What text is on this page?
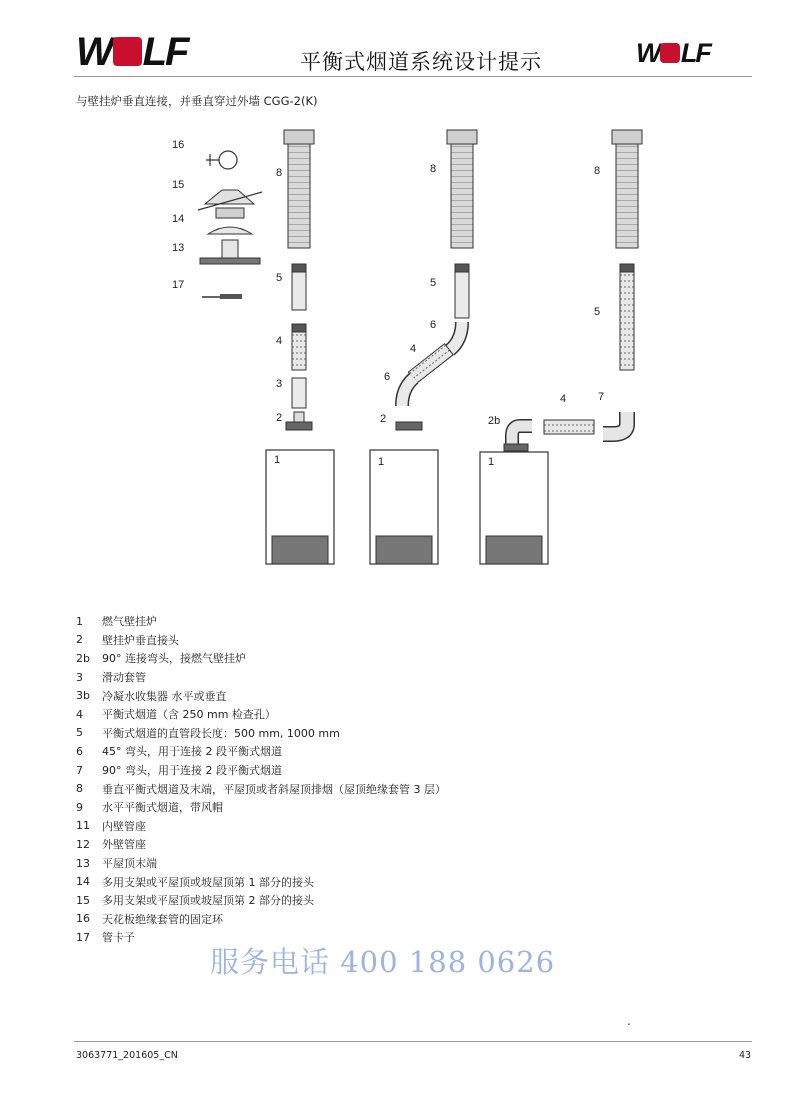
W LF	平衡式烟道系统设计提示	W LF
与壁挂炉垂直连接，并垂直穿过外墙 CGG-2(K)
16
15
14
13
17
8
5
4
3
2
1
8
5
6
4
6
2
1
8
5
7
4
2b
1
1	燃气壁挂炉
2	壁挂炉垂直接头
2b	90° 连接弯头，接燃气壁挂炉
3	滑动套管
3b	冷凝水收集器 水平或垂直
4	平衡式烟道（含 250 mm 检查孔）
5	平衡式烟道的直管段长度：500 mm, 1000 mm
6	45° 弯头，用于连接 2 段平衡式烟道
7	90° 弯头，用于连接 2 段平衡式烟道
8	垂直平衡式烟道及末端，平屋顶或者斜屋顶排烟（屋顶绝缘套管 3 层）
9	水平平衡式烟道，带风帽
11	内壁管座
12	外壁管座
13	平屋顶末端
14	多用支架或平屋顶或坡屋顶第 1 部分的接头
15	多用支架或平屋顶或坡屋顶第 2 部分的接头
16	天花板绝缘套管的固定环
17	管卡子
服务电话 400 188 0626
.
3063771_201605_CN	43
